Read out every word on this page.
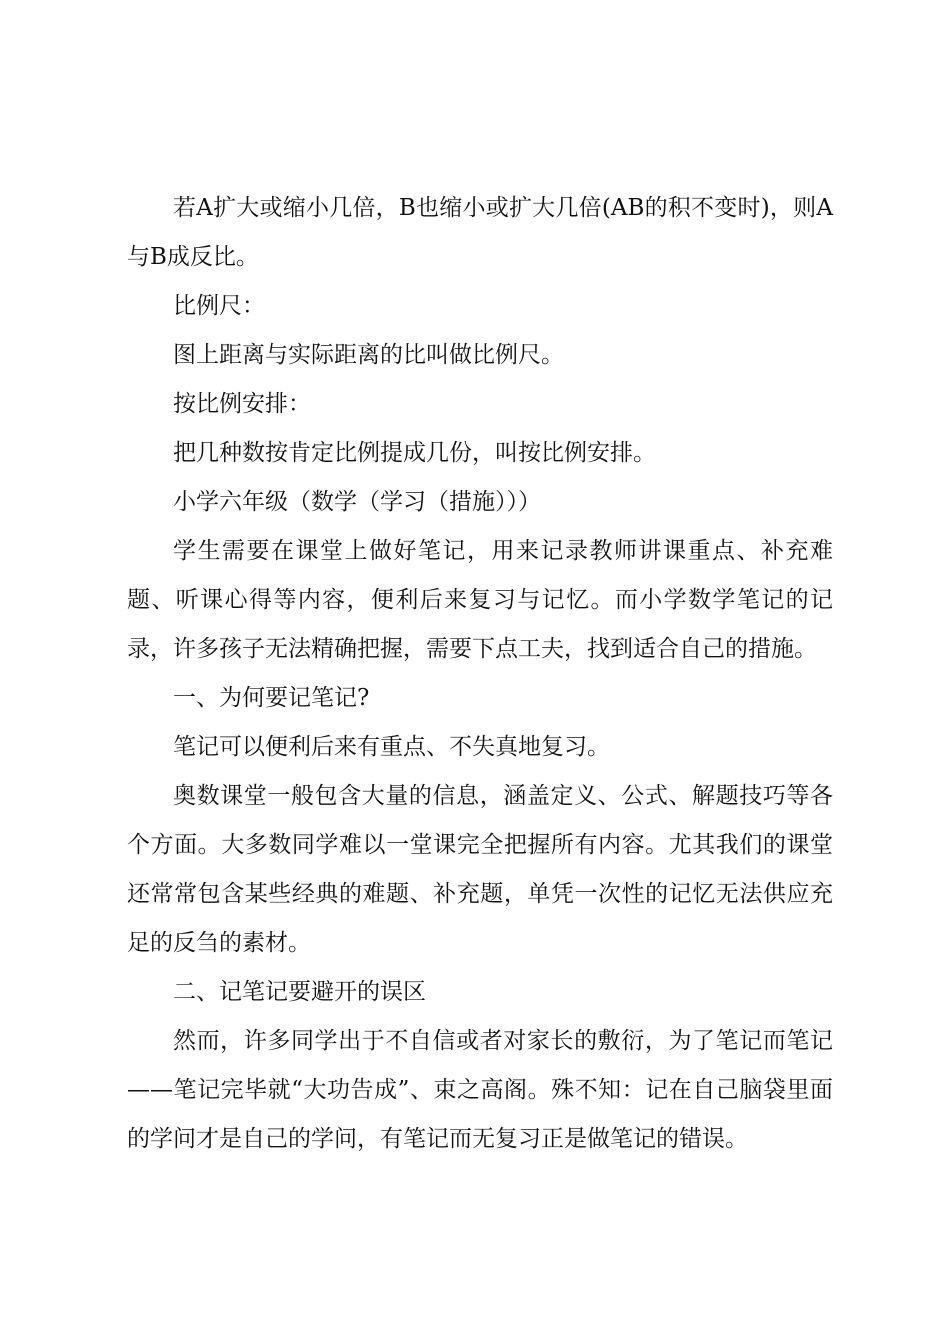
若A扩大或缩小几倍，B也缩小或扩大几倍(AB的积不变时)，则A与B成反比。

比例尺：

图上距离与实际距离的比叫做比例尺。

按比例安排：

把几种数按肯定比例提成几份，叫按比例安排。

小学六年级（数学（学习（措施）））

学生需要在课堂上做好笔记，用来记录教师讲课重点、补充难题、听课心得等内容，便利后来复习与记忆。而小学数学笔记的记录，许多孩子无法精确把握，需要下点工夫，找到适合自己的措施。

一、为何要记笔记?

笔记可以便利后来有重点、不失真地复习。

奥数课堂一般包含大量的信息，涵盖定义、公式、解题技巧等各个方面。大多数同学难以一堂课完全把握所有内容。尤其我们的课堂还常常包含某些经典的难题、补充题，单凭一次性的记忆无法供应充足的反刍的素材。

二、记笔记要避开的误区

然而，许多同学出于不自信或者对家长的敷衍，为了笔记而笔记——笔记完毕就“大功告成”、束之高阁。殊不知：记在自己脑袋里面的学问才是自己的学问，有笔记而无复习正是做笔记的错误。
